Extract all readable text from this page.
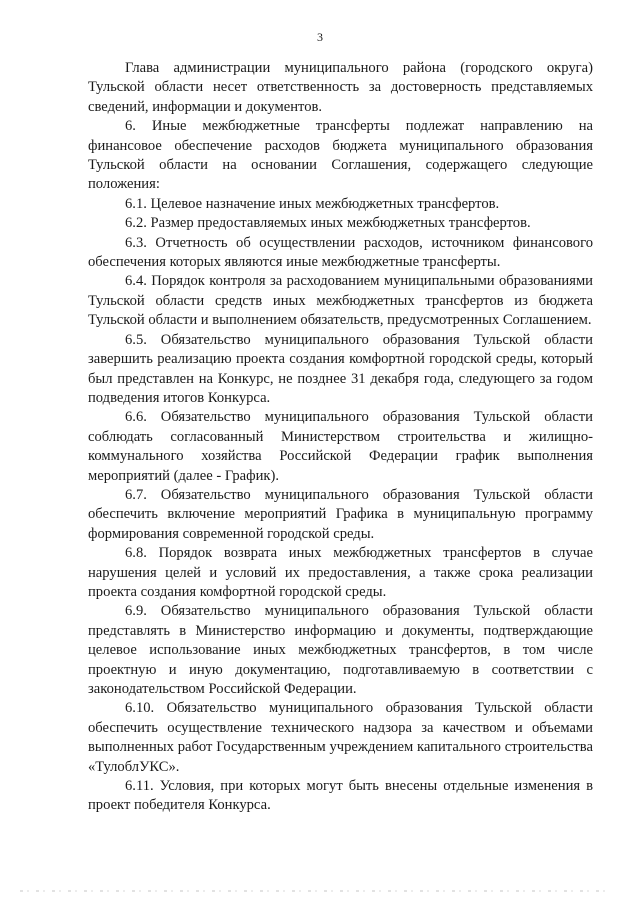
3

Глава администрации муниципального района (городского округа) Тульской области несет ответственность за достоверность представляемых сведений, информации и документов.

6. Иные межбюджетные трансферты подлежат направлению на финансовое обеспечение расходов бюджета муниципального образования Тульской области на основании Соглашения, содержащего следующие положения:

6.1. Целевое назначение иных межбюджетных трансфертов.

6.2. Размер предоставляемых иных межбюджетных трансфертов.

6.3. Отчетность об осуществлении расходов, источником финансового обеспечения которых являются иные межбюджетные трансферты.

6.4. Порядок контроля за расходованием муниципальными образованиями Тульской области средств иных межбюджетных трансфертов из бюджета Тульской области и выполнением обязательств, предусмотренных Соглашением.

6.5. Обязательство муниципального образования Тульской области завершить реализацию проекта создания комфортной городской среды, который был представлен на Конкурс, не позднее 31 декабря года, следующего за годом подведения итогов Конкурса.

6.6. Обязательство муниципального образования Тульской области соблюдать согласованный Министерством строительства и жилищно-коммунального хозяйства Российской Федерации график выполнения мероприятий (далее - График).

6.7. Обязательство муниципального образования Тульской области обеспечить включение мероприятий Графика в муниципальную программу формирования современной городской среды.

6.8. Порядок возврата иных межбюджетных трансфертов в случае нарушения целей и условий их предоставления, а также срока реализации проекта создания комфортной городской среды.

6.9. Обязательство муниципального образования Тульской области представлять в Министерство информацию и документы, подтверждающие целевое использование иных межбюджетных трансфертов, в том числе проектную и иную документацию, подготавливаемую в соответствии с законодательством Российской Федерации.

6.10. Обязательство муниципального образования Тульской области обеспечить осуществление технического надзора за качеством и объемами выполненных работ Государственным учреждением капитального строительства «ТулоблУКС».

6.11. Условия, при которых могут быть внесены отдельные изменения в проект победителя Конкурса.
